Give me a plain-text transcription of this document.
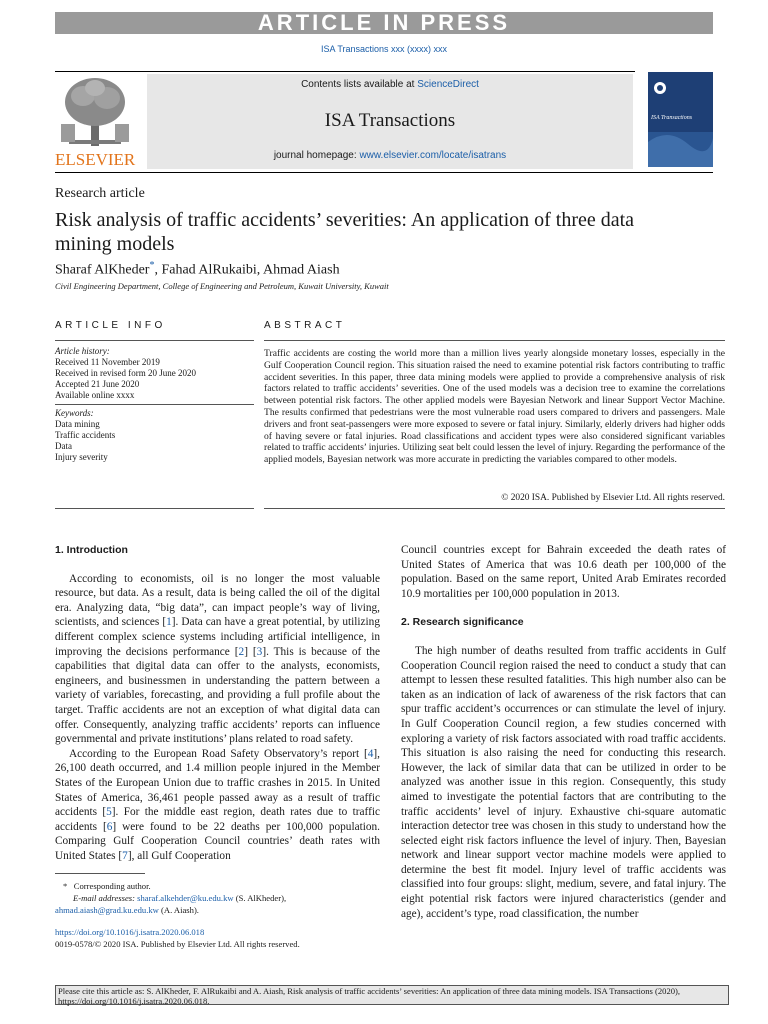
ARTICLE IN PRESS
ISA Transactions xxx (xxxx) xxx
ELSEVIER
Contents lists available at ScienceDirect
ISA Transactions
journal homepage: www.elsevier.com/locate/isatrans
ISA Transactions
Research article
Risk analysis of traffic accidents’ severities: An application of three data mining models
Sharaf AlKheder*, Fahad AlRukaibi, Ahmad Aiash
Civil Engineering Department, College of Engineering and Petroleum, Kuwait University, Kuwait
ARTICLE INFO
Article history:
Received 11 November 2019
Received in revised form 20 June 2020
Accepted 21 June 2020
Available online xxxx
Keywords:
Data mining
Traffic accidents
Data
Injury severity
ABSTRACT
Traffic accidents are costing the world more than a million lives yearly alongside monetary losses, especially in the Gulf Cooperation Council region. This situation raised the need to examine potential risk factors contributing to traffic accident severities. In this paper, three data mining models were applied to provide a comprehensive analysis of risk factors related to traffic accidents’ severities. One of the used models was a decision tree to examine the correlations between potential risk factors. The other applied models were Bayesian Network and linear Support Vector Machine. The results confirmed that pedestrians were the most vulnerable road users compared to drivers and passengers. Male drivers and front seat-passengers were more exposed to severe or fatal injury. Similarly, elderly drivers had higher odds of having severe or fatal injuries. Road classifications and accident types were also considered significant variables related to traffic accidents’ injuries. Utilizing seat belt could lessen the level of injury. Regarding the performance of the applied models, Bayesian network was more accurate in predicting the variables compared to other models.
© 2020 ISA. Published by Elsevier Ltd. All rights reserved.

1. Introduction

According to economists, oil is no longer the most valuable resource, but data. As a result, data is being called the oil of the digital era. Analyzing data, “big data”, can impact people’s way of living, scientists, and sciences [1]. Data can have a great potential, by utilizing different complex science systems including artificial intelligence, in improving the decisions performance [2] [3]. This is because of the capabilities that digital data can offer to the analysts, economists, engineers, and businessmen in understanding the pattern between a variety of variables, forecasting, and providing a full profile about the target. Traffic accidents are not an exception of what digital data can offer. Consequently, analyzing traffic accidents’ reports can influence governmental and private institutions’ plans related to road safety.

According to the European Road Safety Observatory’s report [4], 26,100 death occurred, and 1.4 million people injured in the Member States of the European Union due to traffic crashes in 2015. In United States of America, 36,461 people passed away as a result of traffic accidents [5]. For the middle east region, death rates due to traffic accidents [6] were found to be 22 deaths per 100,000 population. Comparing Gulf Cooperation Council countries’ death rates with United States [7], all Gulf Cooperation

Council countries except for Bahrain exceeded the death rates of United States of America that was 10.6 death per 100,000 of the population. Based on the same report, United Arab Emirates recorded 10.9 mortalities per 100,000 population in 2013.

2. Research significance

The high number of deaths resulted from traffic accidents in Gulf Cooperation Council region raised the need to conduct a study that can attempt to lessen these resulted fatalities. This high number also can be taken as an indication of lack of awareness of the risk factors that can spur traffic accident’s occurrences or can stimulate the level of injury. In Gulf Cooperation Council region, a few studies concerned with exploring a variety of risk factors associated with road traffic accidents. This situation is also raising the need for conducting this research. However, the lack of similar data that can be utilized in order to be analyzed was another issue in this region. Consequently, this study aimed to investigate the potential factors that are contributing to the traffic accidents’ level of injury. Exhaustive chi-square automatic interaction detector tree was chosen in this study to understand how the selected eight risk factors influence the level of injury. Then, Bayesian network and linear support vector machine models were applied to determine the best fit model. Injury level of traffic accidents was classified into four groups: slight, medium, severe, and fatal injury. The eight potential risk factors were injured characteristics (gender and age), accident’s type, road classification, the number

* Corresponding author.
E-mail addresses: sharaf.alkehder@ku.edu.kw (S. AlKheder),
ahmad.aiash@grad.ku.edu.kw (A. Aiash).
https://doi.org/10.1016/j.isatra.2020.06.018
0019-0578/© 2020 ISA. Published by Elsevier Ltd. All rights reserved.
Please cite this article as: S. AlKheder, F. AlRukaibi and A. Aiash, Risk analysis of traffic accidents’ severities: An application of three data mining models. ISA Transactions (2020), https://doi.org/10.1016/j.isatra.2020.06.018.
